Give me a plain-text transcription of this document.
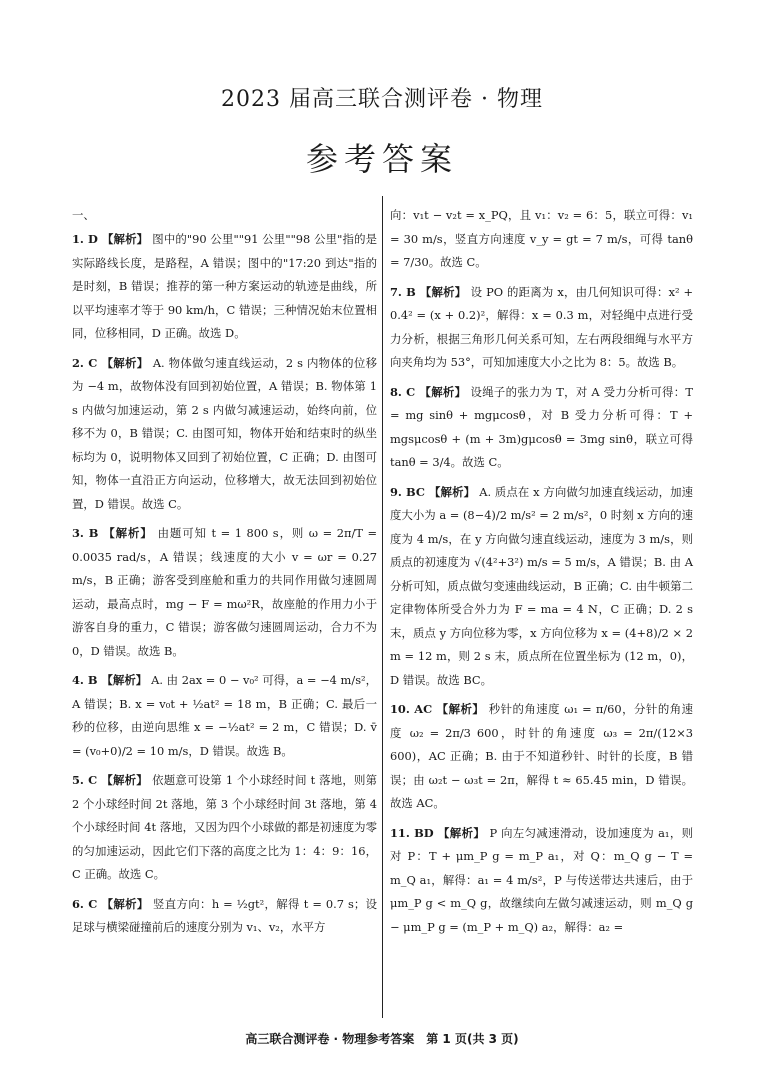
2023 届高三联合测评卷 · 物理
参考答案
一、
1. D 【解析】 图中的"90 公里""91 公里""98 公里"指的是实际路线长度，是路程，A 错误；图中的"17:20 到达"指的是时刻，B 错误；推荐的第一种方案运动的轨迹是曲线，所以平均速率才等于 90 km/h，C 错误；三种情况始末位置相同，位移相同，D 正确。故选 D。
2. C 【解析】 A. 物体做匀速直线运动，2 s 内物体的位移为 −4 m，故物体没有回到初始位置，A 错误；B. 物体第 1 s 内做匀加速运动，第 2 s 内做匀减速运动，始终向前，位移不为 0，B 错误；C. 由图可知，物体开始和结束时的纵坐标均为 0，说明物体又回到了初始位置，C 正确；D. 由图可知，物体一直沿正方向运动，位移增大，故无法回到初始位置，D 错误。故选 C。
3. B 【解析】 由题可知 t = 1 800 s，则 ω = 2π/T = 0.0035 rad/s，A 错误；线速度的大小 v = ωr = 0.27 m/s，B 正确；游客受到座舱和重力的共同作用做匀速圆周运动，最高点时，mg − F = mω²R，故座舱的作用力小于游客自身的重力，C 错误；游客做匀速圆周运动，合力不为 0，D 错误。故选 B。
4. B 【解析】 A. 由 2ax = 0 − v₀² 可得，a = −4 m/s²，A 错误；B. x = v₀t + ½at² = 18 m，B 正确；C. 最后一秒的位移，由逆向思维 x = −½at² = 2 m，C 错误；D. v̄ = (v₀+0)/2 = 10 m/s，D 错误。故选 B。
5. C 【解析】 依题意可设第 1 个小球经时间 t 落地，则第 2 个小球经时间 2t 落地，第 3 个小球经时间 3t 落地，第 4 个小球经时间 4t 落地，又因为四个小球做的都是初速度为零的匀加速运动，因此它们下落的高度之比为 1：4：9：16，C 正确。故选 C。
6. C 【解析】 竖直方向：h = ½gt²，解得 t = 0.7 s；设足球与横梁碰撞前后的速度分别为 v₁、v₂，水平方
向：v₁t − v₂t = x_PQ，且 v₁：v₂ = 6：5，联立可得：v₁ = 30 m/s，竖直方向速度 v_y = gt = 7 m/s，可得 tanθ = 7/30。故选 C。
7. B 【解析】 设 PO 的距离为 x，由几何知识可得：x² + 0.4² = (x + 0.2)²，解得：x = 0.3 m，对轻绳中点进行受力分析，根据三角形几何关系可知，左右两段细绳与水平方向夹角均为 53°，可知加速度大小之比为 8：5。故选 B。
8. C 【解析】 设绳子的张力为 T，对 A 受力分析可得：T = mg sinθ + mgμcosθ，对 B 受力分析可得：T + mgsμcosθ + (m + 3m)gμcosθ = 3mg sinθ，联立可得 tanθ = 3/4。故选 C。
9. BC 【解析】 A. 质点在 x 方向做匀加速直线运动，加速度大小为 a = (8−4)/2 m/s² = 2 m/s²，0 时刻 x 方向的速度为 4 m/s，在 y 方向做匀速直线运动，速度为 3 m/s，则质点的初速度为 √(4²+3²) m/s = 5 m/s，A 错误；B. 由 A 分析可知，质点做匀变速曲线运动，B 正确；C. 由牛顿第二定律物体所受合外力为 F = ma = 4 N，C 正确；D. 2 s 末，质点 y 方向位移为零，x 方向位移为 x = (4+8)/2 × 2 m = 12 m，则 2 s 末，质点所在位置坐标为 (12 m，0)，D 错误。故选 BC。
10. AC 【解析】 秒针的角速度 ω₁ = π/60，分针的角速度 ω₂ = 2π/3 600，时针的角速度 ω₃ = 2π/(12×3 600)，AC 正确；B. 由于不知道秒针、时针的长度，B 错误；由 ω₂t − ω₃t = 2π，解得 t ≈ 65.45 min，D 错误。故选 AC。
11. BD 【解析】 P 向左匀减速滑动，设加速度为 a₁，则对 P：T + μm_P g = m_P a₁，对 Q：m_Q g − T = m_Q a₁，解得：a₁ = 4 m/s²，P 与传送带达共速后，由于 μm_P g < m_Q g，故继续向左做匀减速运动，则 m_Q g − μm_P g = (m_P + m_Q) a₂，解得：a₂ =
高三联合测评卷 · 物理参考答案　第 1 页(共 3 页)
